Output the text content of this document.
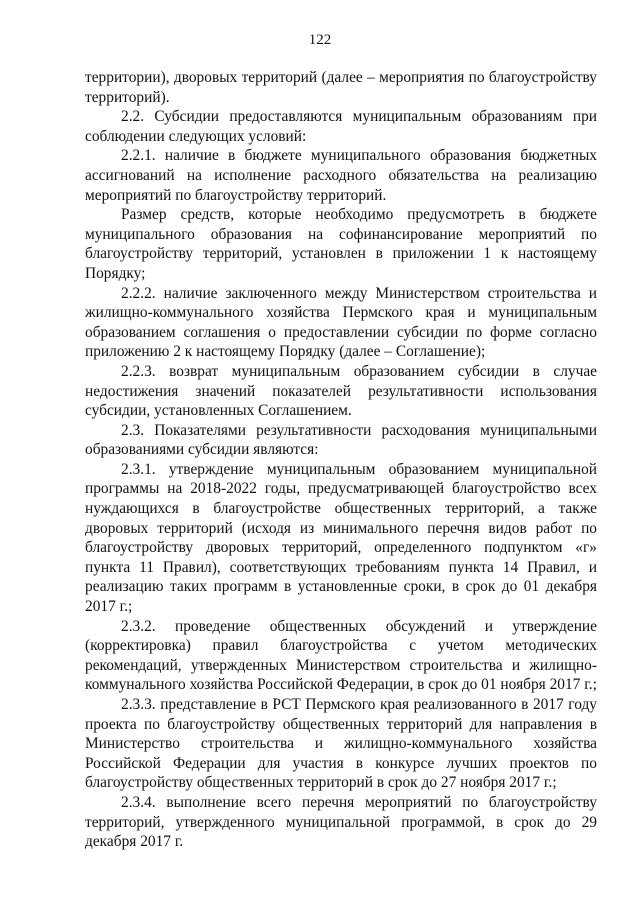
122

территории), дворовых территорий (далее – мероприятия по благоустройству территорий).

2.2. Субсидии предоставляются муниципальным образованиям при соблюдении следующих условий:

2.2.1. наличие в бюджете муниципального образования бюджетных ассигнований на исполнение расходного обязательства на реализацию мероприятий по благоустройству территорий.

Размер средств, которые необходимо предусмотреть в бюджете муниципального образования на софинансирование мероприятий по благоустройству территорий, установлен в приложении 1 к настоящему Порядку;

2.2.2. наличие заключенного между Министерством строительства и жилищно-коммунального хозяйства Пермского края и муниципальным образованием соглашения о предоставлении субсидии по форме согласно приложению 2 к настоящему Порядку (далее – Соглашение);

2.2.3. возврат муниципальным образованием субсидии в случае недостижения значений показателей результативности использования субсидии, установленных Соглашением.

2.3. Показателями результативности расходования муниципальными образованиями субсидии являются:

2.3.1. утверждение муниципальным образованием муниципальной программы на 2018-2022 годы, предусматривающей благоустройство всех нуждающихся в благоустройстве общественных территорий, а также дворовых территорий (исходя из минимального перечня видов работ по благоустройству дворовых территорий, определенного подпунктом «г» пункта 11 Правил), соответствующих требованиям пункта 14 Правил, и реализацию таких программ в установленные сроки, в срок до 01 декабря 2017 г.;

2.3.2. проведение общественных обсуждений и утверждение (корректировка) правил благоустройства с учетом методических рекомендаций, утвержденных Министерством строительства и жилищно-коммунального хозяйства Российской Федерации, в срок до 01 ноября 2017 г.;

2.3.3. представление в РСТ Пермского края реализованного в 2017 году проекта по благоустройству общественных территорий для направления в Министерство строительства и жилищно-коммунального хозяйства Российской Федерации для участия в конкурсе лучших проектов по благоустройству общественных территорий в срок до 27 ноября 2017 г.;

2.3.4. выполнение всего перечня мероприятий по благоустройству территорий, утвержденного муниципальной программой, в срок до 29 декабря 2017 г.
